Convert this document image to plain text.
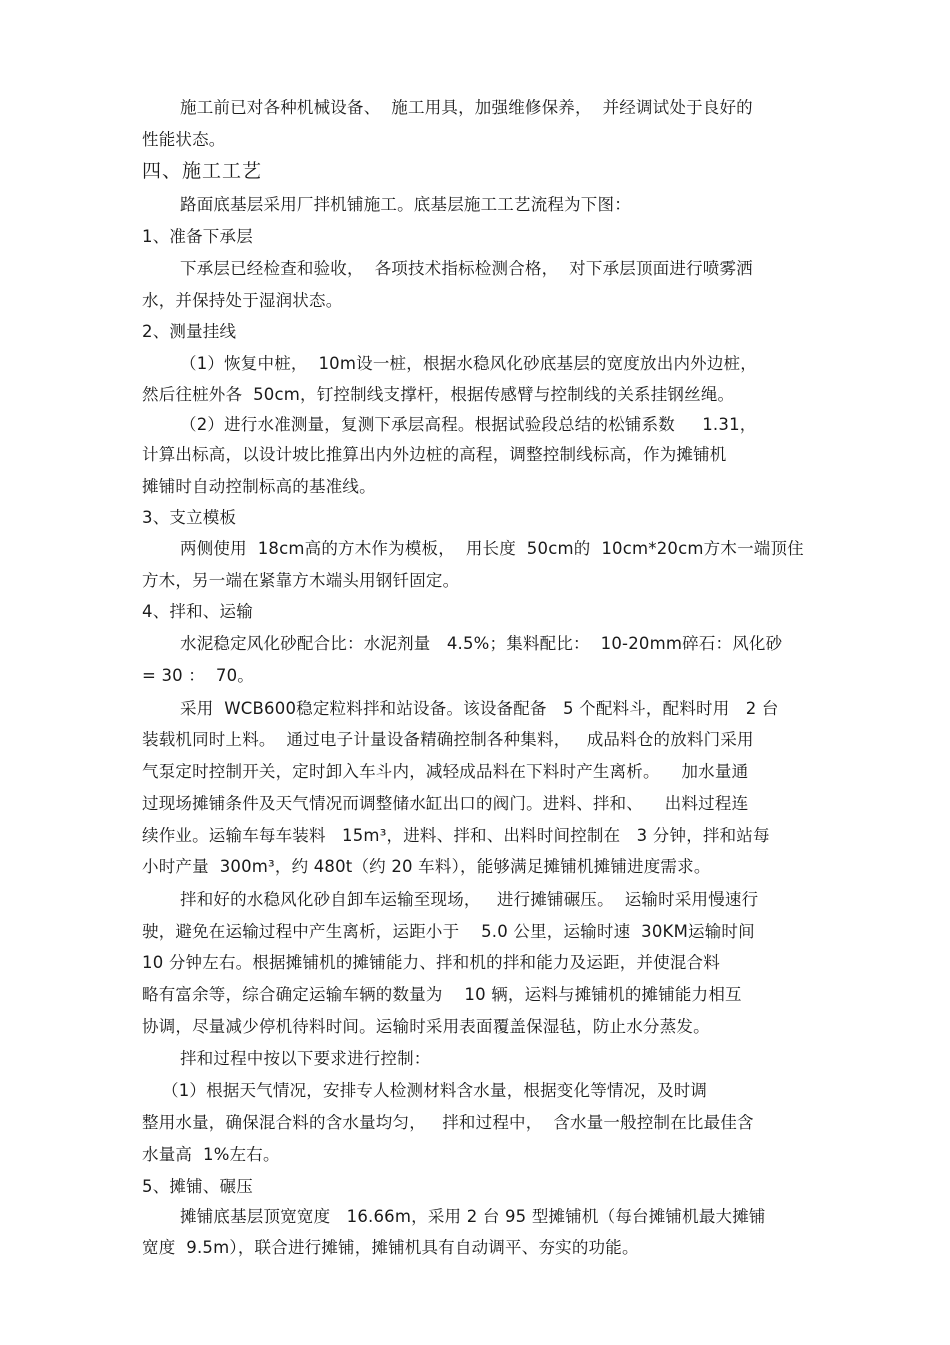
施工前已对各种机械设备、  施工用具，加强维修保养，  并经调试处于良好的
性能状态。
四、施工工艺
路面底基层采用厂拌机铺施工。底基层施工工艺流程为下图：
1、准备下承层
下承层已经检查和验收，  各项技术指标检测合格，  对下承层顶面进行喷雾洒
水，并保持处于湿润状态。
2、测量挂线
（1）恢复中桩，  10m设一桩，根据水稳风化砂底基层的宽度放出内外边桩，
然后往桩外各  50cm，钉控制线支撑杆，根据传感臂与控制线的关系挂钢丝绳。
（2）进行水准测量，复测下承层高程。根据试验段总结的松铺系数     1.31，
计算出标高，以设计坡比推算出内外边桩的高程，调整控制线标高，作为摊铺机
摊铺时自动控制标高的基准线。
3、支立模板
两侧使用  18cm高的方木作为模板，  用长度  50cm的  10cm*20cm方木一端顶住
方木，另一端在紧靠方木端头用钢钎固定。
4、拌和、运输
水泥稳定风化砂配合比：水泥剂量   4.5%；集料配比：  10-20mm碎石：风化砂
= 30 ：  70。
采用  WCB600稳定粒料拌和站设备。该设备配备   5 个配料斗，配料时用   2 台
装载机同时上料。  通过电子计量设备精确控制各种集料，   成品料仓的放料门采用
气泵定时控制开关，定时卸入车斗内，减轻成品料在下料时产生离析。    加水量通
过现场摊铺条件及天气情况而调整储水缸出口的阀门。进料、拌和、    出料过程连
续作业。运输车每车装料   15m³，进料、拌和、出料时间控制在   3 分钟，拌和站每
小时产量  300m³，约 480t（约 20 车料），能够满足摊铺机摊铺进度需求。
拌和好的水稳风化砂自卸车运输至现场，   进行摊铺碾压。  运输时采用慢速行
驶，避免在运输过程中产生离析，运距小于    5.0 公里，运输时速  30KM运输时间
10 分钟左右。根据摊铺机的摊铺能力、拌和机的拌和能力及运距，并使混合料
略有富余等，综合确定运输车辆的数量为    10 辆，运料与摊铺机的摊铺能力相互
协调，尽量减少停机待料时间。运输时采用表面覆盖保湿毡，防止水分蒸发。
拌和过程中按以下要求进行控制：
（1）根据天气情况，安排专人检测材料含水量，根据变化等情况，及时调
整用水量，确保混合料的含水量均匀，   拌和过程中，  含水量一般控制在比最佳含
水量高  1%左右。
5、摊铺、碾压
摊铺底基层顶宽宽度   16.66m，采用 2 台 95 型摊铺机（每台摊铺机最大摊铺
宽度  9.5m），联合进行摊铺，摊铺机具有自动调平、夯实的功能。
